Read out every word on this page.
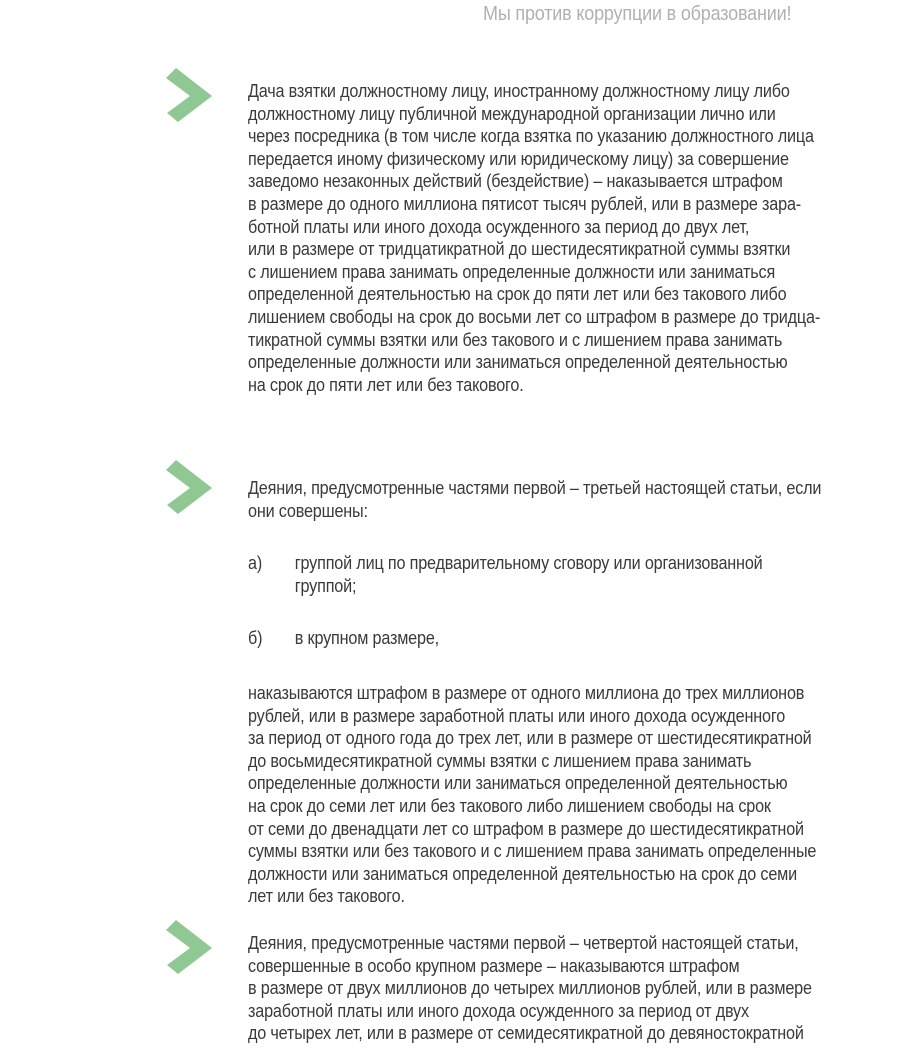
Мы против коррупции в образовании!
Дача взятки должностному лицу, иностранному должностному лицу либо
должностному лицу публичной международной организации лично или
через посредника (в том числе когда взятка по указанию должностного лица
передается иному физическому или юридическому лицу) за совершение
заведомо незаконных действий (бездействие) – наказывается штрафом
в размере до одного миллиона пятисот тысяч рублей, или в размере зара-
ботной платы или иного дохода осужденного за период до двух лет,
или в размере от тридцатикратной до шестидесятикратной суммы взятки
с лишением права занимать определенные должности или заниматься
определенной деятельностью на срок до пяти лет или без такового либо
лишением свободы на срок до восьми лет со штрафом в размере до тридца-
тикратной суммы взятки или без такового и с лишением права занимать
определенные должности или заниматься определенной деятельностью
на срок до пяти лет или без такового.
Деяния, предусмотренные частями первой – третьей настоящей статьи, если
они совершены:
а)	группой лиц по предварительному сговору или организованной
группой;
б)	в крупном размере,
наказываются штрафом в размере от одного миллиона до трех миллионов
рублей, или в размере заработной платы или иного дохода осужденного
за период от одного года до трех лет, или в размере от шестидесятикратной
до восьмидесятикратной суммы взятки с лишением права занимать
определенные должности или заниматься определенной деятельностью
на срок до семи лет или без такового либо лишением свободы на срок
от семи до двенадцати лет со штрафом в размере до шестидесятикратной
суммы взятки или без такового и с лишением права занимать определенные
должности или заниматься определенной деятельностью на срок до семи
лет или без такового.
Деяния, предусмотренные частями первой – четвертой настоящей статьи,
совершенные в особо крупном размере – наказываются штрафом
в размере от двух миллионов до четырех миллионов рублей, или в размере
заработной платы или иного дохода осужденного за период от двух
до четырех лет, или в размере от семидесятикратной до девяностократной
